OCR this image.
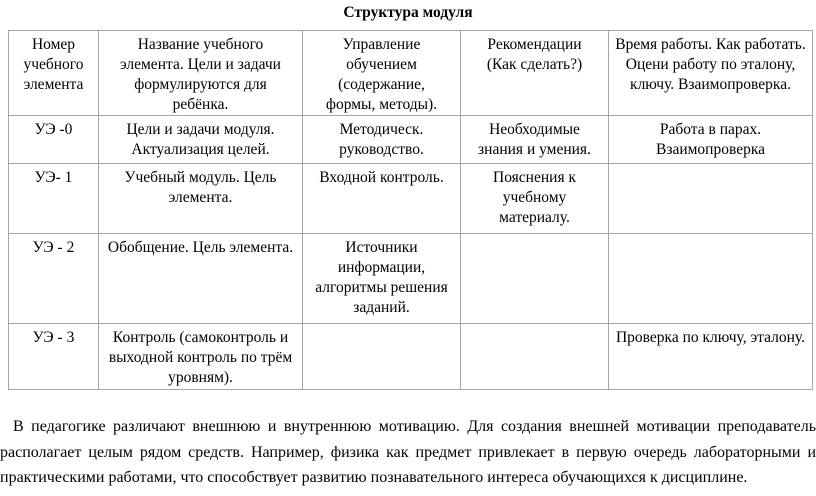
Структура модуля
Номер учебного элемента	Название учебного элемента. Цели и задачи формулируются для ребёнка.	Управление обучением (содержание, формы, методы).	Рекомендации (Как сделать?)	Время работы. Как работать. Оцени работу по эталону, ключу. Взаимопроверка.
УЭ -0	Цели и задачи модуля. Актуализация целей.	Методическ. руководство.	Необходимые знания и умения.	Работа в парах. Взаимопроверка
УЭ- 1	Учебный модуль. Цель элемента.	Входной контроль.	Пояснения к учебному материалу.	
УЭ - 2	Обобщение. Цель элемента.	Источники информации, алгоритмы решения заданий.		
УЭ - 3	Контроль (самоконтроль и выходной контроль по трём уровням).			Проверка по ключу, эталону.
В педагогике различают внешнюю и внутреннюю мотивацию. Для создания внешней мотивации преподаватель
располагает целым рядом средств. Например, физика как предмет привлекает в первую очередь лабораторными и
практическими работами, что способствует развитию познавательного интереса обучающихся к дисциплине.
